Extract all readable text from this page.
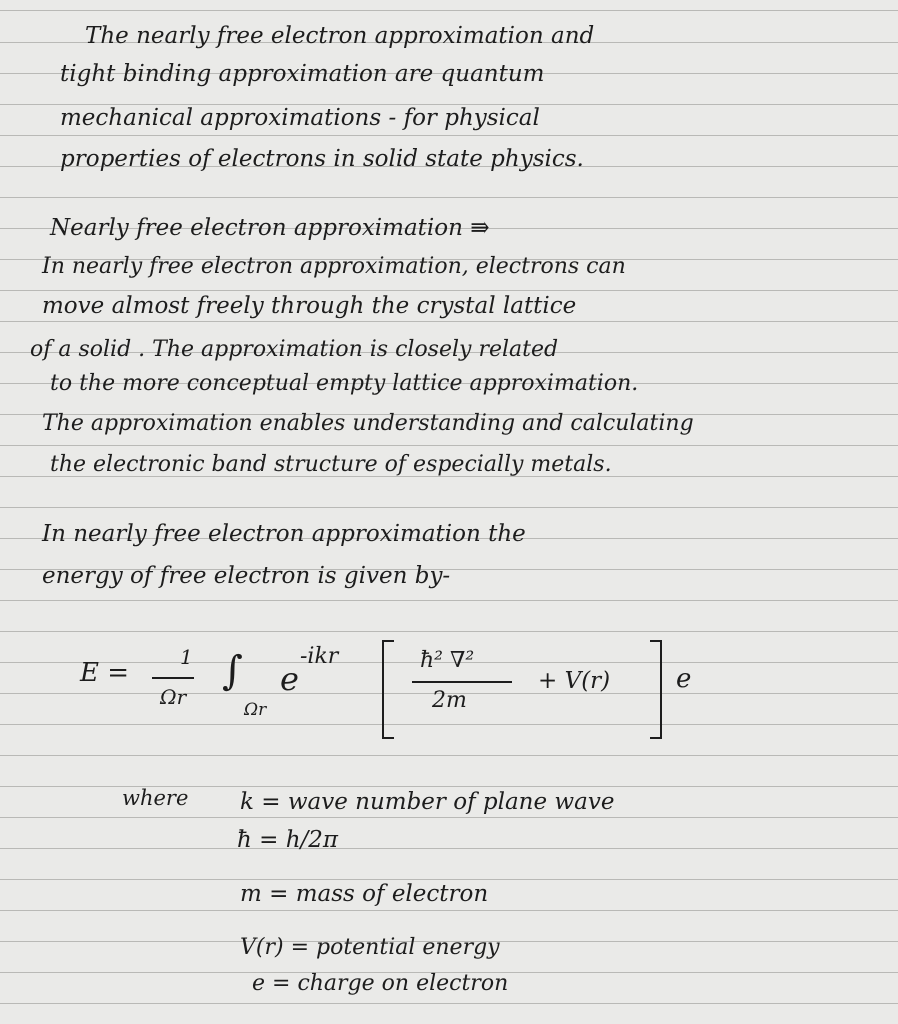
The nearly free electron approximation and
tight binding approximation are quantum
mechanical approximations - for physical
properties of electrons in solid state physics.
Nearly free electron approximation ⇛
In nearly free electron approximation, electrons can
move almost freely through the crystal lattice
of a solid . The approximation is closely related
to the more conceptual empty lattice approximation.
The approximation enables understanding and calculating
the electronic band structure of especially metals.
In nearly free electron approximation the
energy of free electron is given by-
E =
1
Ωr
∫
Ωr
e
-ikr	ħ² ∇²
2m
+ V(r)	e
where k = wave number of plane wave
ħ = h/2π
m = mass of electron
V(r) = potential energy
e = charge on electron
